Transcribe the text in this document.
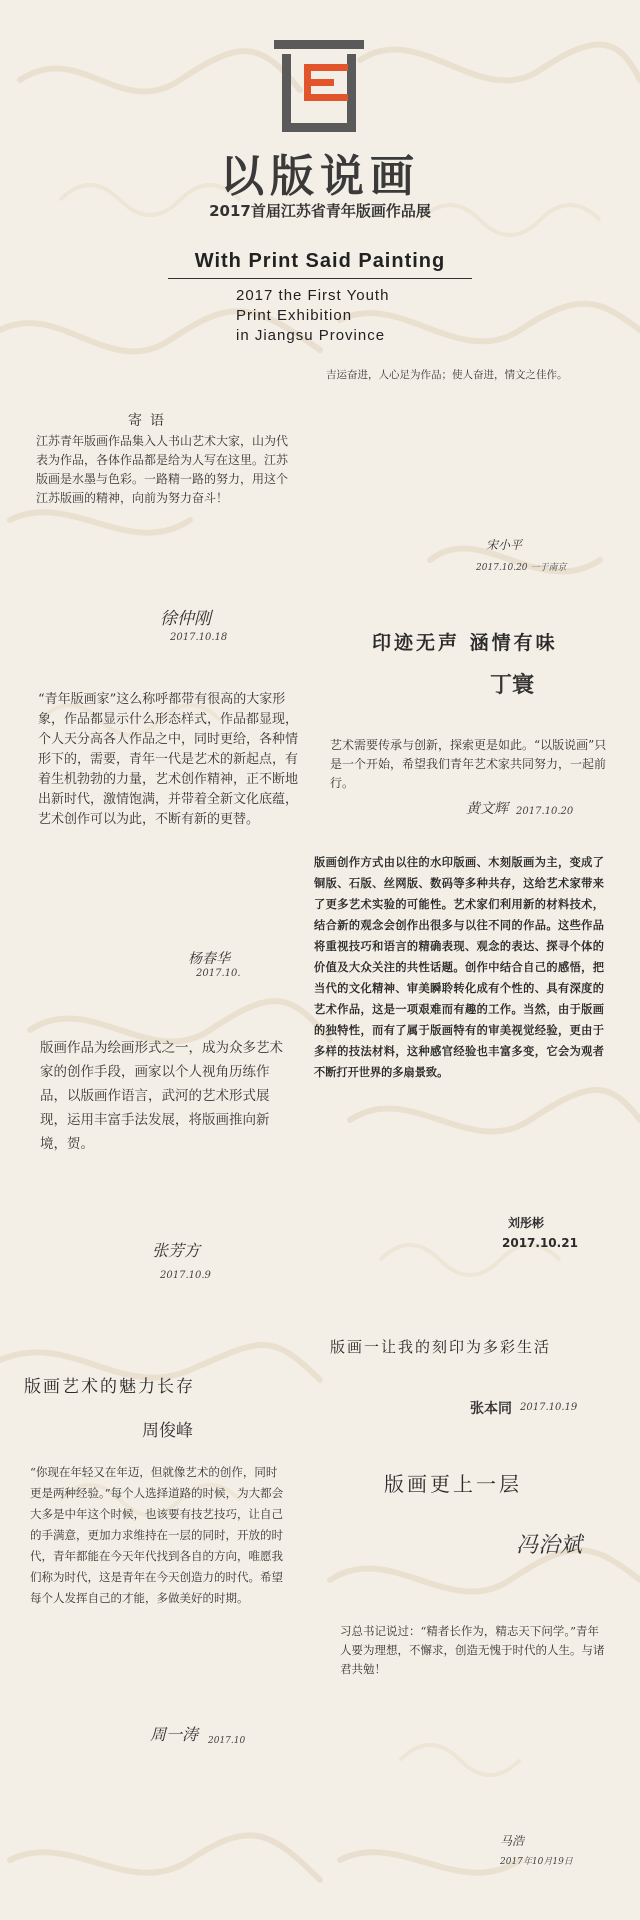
以版说画
2017首届江苏省青年版画作品展
With Print Said Painting
2017 the First Youth
Print Exhibition
in Jiangsu Province
寄语
江苏青年版画作品集入人书山艺术大家，山为代表为作品，各体作品都是给为人写在这里。江苏版画是水墨与色彩。一路精一路的努力，用这个江苏版画的精神，向前为努力奋斗！
徐仲刚
2017.10.18
吉运奋进，人心足为作品；使人奋进，情文之佳作。
宋小平
2017.10.20 一于南京
印迹无声 涵情有味
丁寰
“青年版画家”这么称呼都带有很高的大家形象，作品都显示什么形态样式，作品都显现，个人天分高各人作品之中，同时更给，各种情形下的，需要，青年一代是艺术的新起点，有着生机勃勃的力量，艺术创作精神，正不断地出新时代，激情饱满，并带着全新文化底蕴，艺术创作可以为此，不断有新的更替。
杨春华
2017.10.
艺术需要传承与创新，探索更是如此。“以版说画”只是一个开始，希望我们青年艺术家共同努力，一起前行。
黄文辉 2017.10.20
版画创作方式由以往的水印版画、木刻版画为主，变成了铜版、石版、丝网版、数码等多种共存，这给艺术家带来了更多艺术实验的可能性。艺术家们利用新的材料技术，结合新的观念会创作出很多与以往不同的作品。这些作品将重视技巧和语言的精确表现、观念的表达、探寻个体的价值及大众关注的共性话题。创作中结合自己的感悟，把当代的文化精神、审美瞬聆转化成有个性的、具有深度的艺术作品，这是一项艰难而有趣的工作。当然，由于版画的独特性，而有了属于版画特有的审美视觉经验，更由于多样的技法材料，这种感官经验也丰富多变，它会为观者不断打开世界的多扇景致。
刘彤彬
2017.10.21
版画作品为绘画形式之一，成为众多艺术家的创作手段，画家以个人视角历练作品，以版画作语言，武河的艺术形式展现，运用丰富手法发展，将版画推向新境，贺。
张芳方
2017.10.9
版画一让我的刻印为多彩生活
张本同 2017.10.19
版画艺术的魅力长存
周俊峰
版画更上一层
冯治斌
“你现在年轻又在年迈，但就像艺术的创作，同时更是两种经验。”每个人选择道路的时候，为大都会大多是中年这个时候，也该要有技艺技巧，让自己的手满意，更加力求维持在一层的同时，开放的时代，青年都能在今天年代找到各自的方向，唯愿我们称为时代，这是青年在今天创造力的时代。希望每个人发挥自己的才能，多做美好的时期。
周一涛 2017.10
习总书记说过：“精者长作为，精志天下问学。”青年人要为理想，不懈求，创造无愧于时代的人生。与诸君共勉！
马浩
2017年10月19日
